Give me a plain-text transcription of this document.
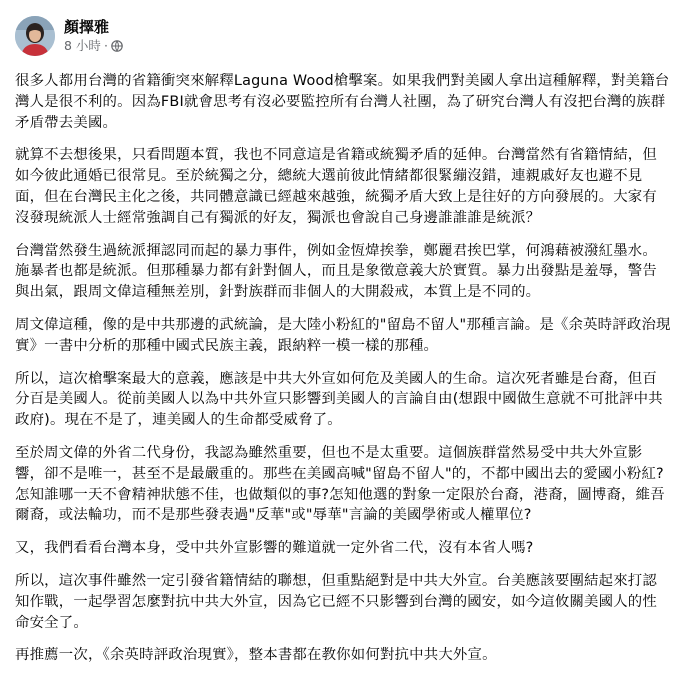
顏擇雅
8 小時 ·

很多人都用台灣的省籍衝突來解釋Laguna Wood槍擊案。如果我們對美國人拿出這種解釋，對美籍台灣人是很不利的。因為FBI就會思考有沒必要監控所有台灣人社團，為了研究台灣人有沒把台灣的族群矛盾帶去美國。

就算不去想後果，只看問題本質，我也不同意這是省籍或統獨矛盾的延伸。台灣當然有省籍情結，但如今彼此通婚已很常見。至於統獨之分，總統大選前彼此情緒都很緊繃沒錯，連親戚好友也避不見面，但在台灣民主化之後，共同體意識已經越來越強，統獨矛盾大致上是往好的方向發展的。大家有沒發現統派人士經常強調自己有獨派的好友，獨派也會說自己身邊誰誰誰是統派？

台灣當然發生過統派揮認同而起的暴力事件，例如金恆煒挨拳，鄭麗君挨巴掌，何鴻藉被潑紅墨水。施暴者也都是統派。但那種暴力都有針對個人，而且是象徵意義大於實質。暴力出發點是羞辱，警告與出氣，跟周文偉這種無差別，針對族群而非個人的大開殺戒，本質上是不同的。

周文偉這種，像的是中共那邊的武統論，是大陸小粉紅的"留島不留人"那種言論。是《余英時評政治現實》一書中分析的那種中國式民族主義，跟納粹一模一樣的那種。

所以，這次槍擊案最大的意義，應該是中共大外宣如何危及美國人的生命。這次死者雖是台裔，但百分百是美國人。從前美國人以為中共外宣只影響到美國人的言論自由(想跟中國做生意就不可批評中共政府)。現在不是了，連美國人的生命都受威脅了。

至於周文偉的外省二代身份，我認為雖然重要，但也不是太重要。這個族群當然易受中共大外宣影響，卻不是唯一，甚至不是最嚴重的。那些在美國高喊"留島不留人"的，不都中國出去的愛國小粉紅?怎知誰哪一天不會精神狀態不佳，也做類似的事?怎知他選的對象一定限於台裔，港裔，圖博裔，維吾爾裔，或法輪功，而不是那些發表過"反華"或"辱華"言論的美國學術或人權單位?

又，我們看看台灣本身，受中共外宣影響的難道就一定外省二代，沒有本省人嗎?

所以，這次事件雖然一定引發省籍情結的聯想，但重點絕對是中共大外宣。台美應該要團結起來打認知作戰，一起學習怎麼對抗中共大外宣，因為它已經不只影響到台灣的國安，如今這攸關美國人的性命安全了。

再推薦一次，《余英時評政治現實》，整本書都在教你如何對抗中共大外宣。
